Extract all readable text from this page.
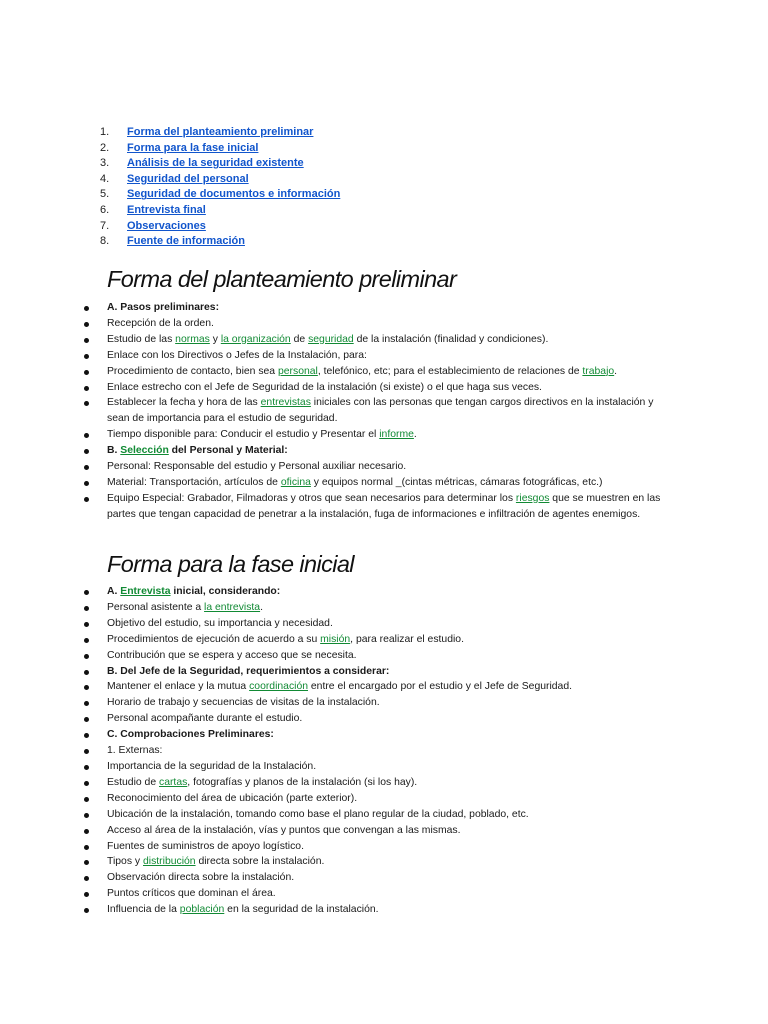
1. Forma del planteamiento preliminar
2. Forma para la fase inicial
3. Análisis de la seguridad existente
4. Seguridad del personal
5. Seguridad de documentos e información
6. Entrevista final
7. Observaciones
8. Fuente de información
Forma del planteamiento preliminar
A. Pasos preliminares:
Recepción de la orden.
Estudio de las normas y la organización de seguridad de la instalación (finalidad y condiciones).
Enlace con los Directivos o Jefes de la Instalación, para:
Procedimiento de contacto, bien sea personal, telefónico, etc; para el establecimiento de relaciones de trabajo.
Enlace estrecho con el Jefe de Seguridad de la instalación (si existe) o el que haga sus veces.
Establecer la fecha y hora de las entrevistas iniciales con las personas que tengan cargos directivos en la instalación y sean de importancia para el estudio de seguridad.
Tiempo disponible para: Conducir el estudio y Presentar el informe.
B. Selección del Personal y Material:
Personal: Responsable del estudio y Personal auxiliar necesario.
Material: Transportación, artículos de oficina y equipos normal _(cintas métricas, cámaras fotográficas, etc.)
Equipo Especial: Grabador, Filmadoras y otros que sean necesarios para determinar los riesgos que se muestren en las partes que tengan capacidad de penetrar a la instalación, fuga de informaciones e infiltración de agentes enemigos.
Forma para la fase inicial
A. Entrevista inicial, considerando:
Personal asistente a la entrevista.
Objetivo del estudio, su importancia y necesidad.
Procedimientos de ejecución de acuerdo a su misión, para realizar el estudio.
Contribución que se espera y acceso que se necesita.
B. Del Jefe de la Seguridad, requerimientos a considerar:
Mantener el enlace y la mutua coordinación entre el encargado por el estudio y el Jefe de Seguridad.
Horario de trabajo y secuencias de visitas de la instalación.
Personal acompañante durante el estudio.
C. Comprobaciones Preliminares:
1. Externas:
Importancia de la seguridad de la Instalación.
Estudio de cartas, fotografías y planos de la instalación (si los hay).
Reconocimiento del área de ubicación (parte exterior).
Ubicación de la instalación, tomando como base el plano regular de la ciudad, poblado, etc.
Acceso al área de la instalación, vías y puntos que convengan a las mismas.
Fuentes de suministros de apoyo logístico.
Tipos y distribución directa sobre la instalación.
Observación directa sobre la instalación.
Puntos críticos que dominan el área.
Influencia de la población en la seguridad de la instalación.
